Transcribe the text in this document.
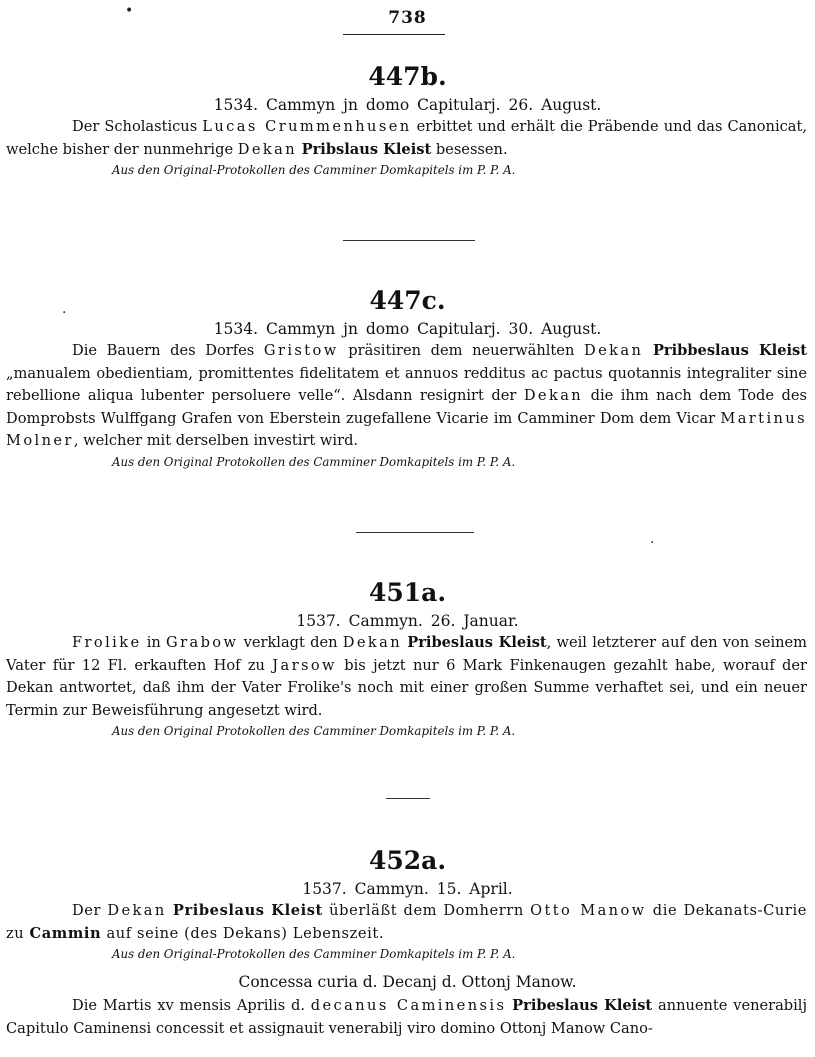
•
·
·
738

447b.

1534. Cammyn jn domo Capitularj. 26. August.

Der Scholasticus Lucas Crummenhusen erbittet und erhält die Präbende und das Canonicat, welche bisher der nunmehrige Dekan Pribslaus Kleist besessen.

Aus den Original-Protokollen des Camminer Domkapitels im P. P. A.

447c.

1534. Cammyn jn domo Capitularj. 30. August.

Die Bauern des Dorfes Gristow präsitiren dem neuerwählten Dekan Pribbeslaus Kleist „manualem obedientiam, promittentes fidelitatem et annuos redditus ac pactus quotannis integraliter sine rebellione aliqua lubenter persoluere velle“. Alsdann resignirt der Dekan die ihm nach dem Tode des Domprobsts Wulffgang Grafen von Eberstein zugefallene Vicarie im Camminer Dom dem Vicar Martinus Molner, welcher mit derselben investirt wird.

Aus den Original Protokollen des Camminer Domkapitels im P. P. A.

451a.

1537. Cammyn. 26. Januar.

Frolike in Grabow verklagt den Dekan Pribeslaus Kleist, weil letzterer auf den von seinem Vater für 12 Fl. erkauften Hof zu Jarsow bis jetzt nur 6 Mark Finkenaugen gezahlt habe, worauf der Dekan antwortet, daß ihm der Vater Frolike's noch mit einer großen Summe verhaftet sei, und ein neuer Termin zur Beweisführung angesetzt wird.

Aus den Original Protokollen des Camminer Domkapitels im P. P. A.

452a.

1537. Cammyn. 15. April.

Der Dekan Pribeslaus Kleist überläßt dem Domherrn Otto Manow die Dekanats-Curie zu Cammin auf seine (des Dekans) Lebenszeit.

Aus den Original-Protokollen des Camminer Domkapitels im P. P. A.

Concessa curia d. Decanj d. Ottonj Manow.

Die Martis xv mensis Aprilis d. decanus Caminensis Pribeslaus Kleist annuente venerabilj Capitulo Caminensi concessit et assignauit venerabilj viro domino Ottonj Manow Cano-
